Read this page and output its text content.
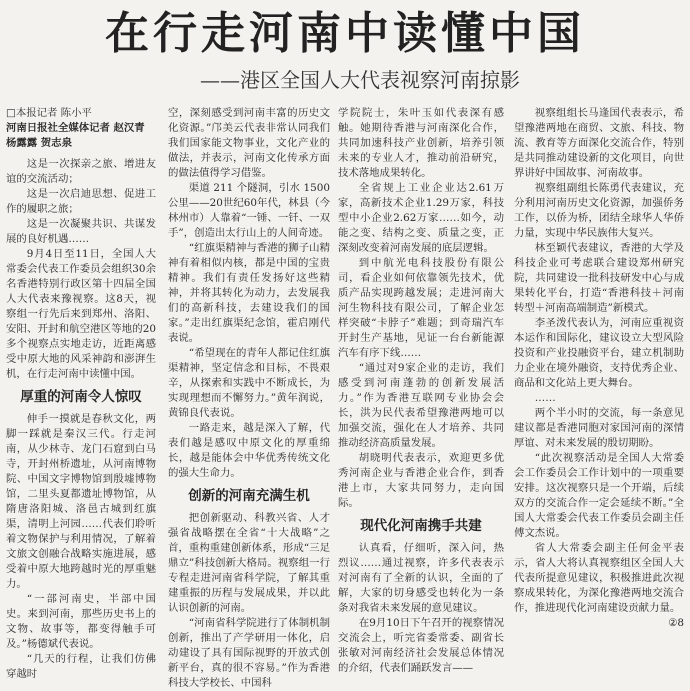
在行走河南中读懂中国
——港区全国人大代表视察河南掠影
□本报记者 陈小平
河南日报社全媒体记者 赵汉青
杨露露 贺志泉

这是一次探亲之旅、增进友谊的交流活动；

这是一次启迪思想、促进工作的履职之旅；

这是一次凝聚共识、共谋发展的良好机遇……

9月4日至11日，全国人大常委会代表工作委员会组织30余名香港特别行政区第十四届全国人大代表来豫视察。这8天，视察组一行先后来到郑州、洛阳、安阳、开封和航空港区等地的20多个视察点实地走访，近距离感受中原大地的风采神韵和澎湃生机，在行走河南中读懂中国。

厚重的河南令人惊叹

伸手一摸就是春秋文化，两脚一踩就是秦汉三代。行走河南，从少林寺、龙门石窟到白马寺，开封州桥遗址，从河南博物院、中国文字博物馆到殷墟博物馆，二里头夏都遗址博物馆，从隋唐洛阳城、洛邑古城到红旗渠，清明上河园……代表们聆听着文物保护与利用情况，了解着文旅文创融合战略实施进展，感受着中原大地跨越时光的厚重魅力。

“一部河南史，半部中国史。来到河南，那些历史书上的文物、故事等，都变得触手可及。”杨德斌代表说。

“几天的行程，让我们仿佛穿越时

空，深刻感受到河南丰富的历史文化资源。”邝美云代表非常认同我们我们国家能文物事业，文化产业的做法，并表示，河南文化传承方面的做法值得学习借鉴。

渠道 211 个隧洞，引水 1500 公里——20世纪60年代，林县（今林州市）人靠着“一锤、一钎、一双手”，创造出太行山上的人间奇迹。

“红旗渠精神与香港的狮子山精神有着相似内核，都是中国的宝贵精神。我们有责任发扬好这些精神，并将其转化为动力，去发展我们的高新科技，去建设我们的国家。”走出红旗渠纪念馆，霍启刚代表说。

“希望现在的青年人都记住红旗渠精神，坚定信念和目标，不畏艰辛，从探索和实践中不断成长，为实现理想而不懈努力。”黄年润说，黄锦良代表说。

一路走来，越是深入了解，代表们越是感叹中原文化的厚重绵长，越是能体会中华优秀传统文化的强大生命力。

创新的河南充满生机

把创新驱动、科教兴省、人才强省战略摆在全省“十大战略”之首，重构重建创新体系，形成“三足鼎立”科技创新大格局。视察组一行专程走进河南省科学院，了解其重建重振的历程与发展成果，并以此认识创新的河南。

“河南省科学院进行了体制机制创新，推出了产学研用一体化，启动建设了具有国际视野的开放式创新平台，真的很不容易。”作为香港科技大学校长、中国科

学院院士，朱叶玉如代表深有感触。她期待香港与河南深化合作，共同加速科技产业创新，培养引领未来的专业人才，推动前沿研究，技术落地成果转化。

全省规上工业企业达2.61万家，高新技术企业1.29万家，科技型中小企业2.62万家……如今，动能之变、结构之变、质量之变，正深刻改变着河南发展的底层逻辑。

到中航光电科技股份有限公司，看企业如何依靠领先技术，优质产品实现跨越发展；走进河南大河生物科技有限公司，了解企业怎样突破“卡脖子”难题；到奇瑞汽车开封生产基地，见证一台台新能源汽车有序下线……

“通过对9家企业的走访，我们感受到河南蓬勃的创新发展活力。”作为香港互联网专业协会会长，洪为民代表希望豫港两地可以加强交流，强化在人才培养、共同推动经济高质量发展。

胡晓明代表表示，欢迎更多优秀河南企业与香港企业合作，到香港上市，大家共同努力，走向国际。

现代化河南携手共建

认真看，仔细听，深入问，热烈议……通过视察，许多代表表示对河南有了全新的认识，全面的了解，大家的切身感受也转化为一条条对我省未来发展的意见建议。

在9月10日下午召开的视察情况交流会上，听完省委常委、副省长张敏对河南经济社会发展总体情况的介绍，代表们踊跃发言——

视察组组长马逢国代表表示，希望豫港两地在商贸、文旅、科技、物流、教育等方面深化交流合作，特别是共同推动建设新的文化项目，向世界讲好中国故事、河南故事。

视察组副组长陈勇代表建议，充分利用河南历史文化资源，加强侨务工作，以侨为桥，团结全球华人华侨力量，实现中华民族伟大复兴。

林至颖代表建议，香港的大学及科技企业可考虑联合建设郑州研究院，共同建设一批科技研发中心与成果转化平台，打造“香港科技＋河南转型＋河南高端制造”新模式。

李圣泼代表认为，河南应重视资本运作和国际化，建议设立大型风险投资和产业投融资平台，建立机制助力企业在境外融资，支持优秀企业、商品和文化站上更大舞台。

……

两个半小时的交流，每一条意见建议都是香港同胞对家国河南的深情厚谊、对未来发展的殷切期盼。

“此次视察活动是全国人大常委会工作委员会工作计划中的一项重要安排。这次视察只是一个开端，后续双方的交流合作一定会延续不断。”全国人大常委会代表工作委员会副主任傅文杰说。

省人大常委会副主任何金平表示，省人大将认真视察组区全国人大代表所提意见建议，积极推进此次视察成果转化，为深化豫港两地交流合作，推进现代化河南建设贡献力量。

②8
